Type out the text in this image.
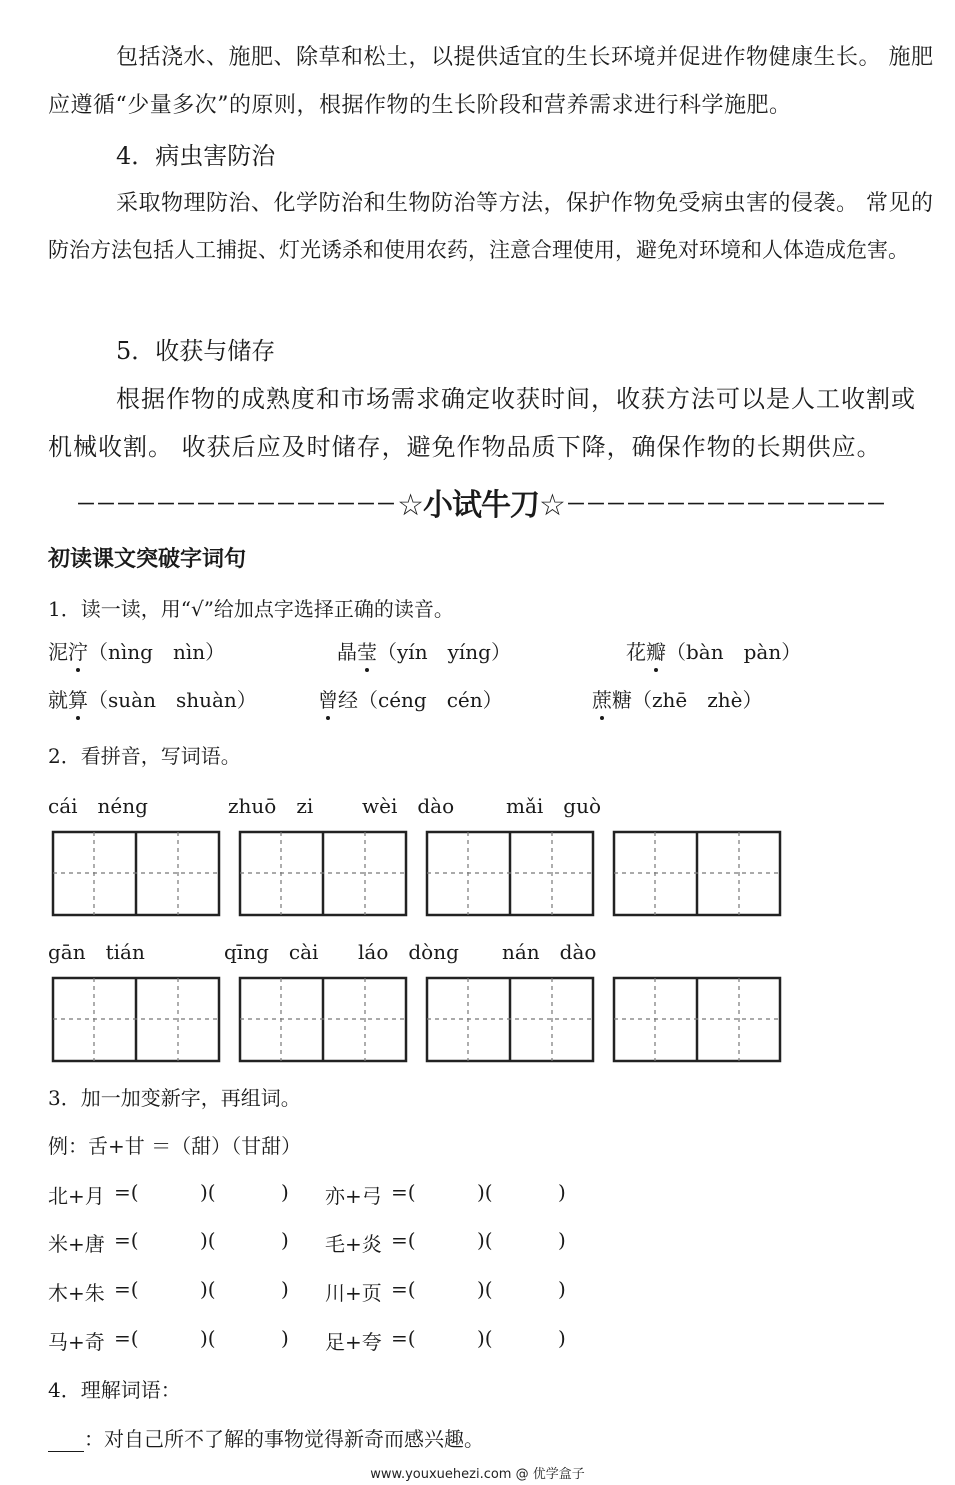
包括浇水、施肥、除草和松土，以提供适宜的生长环境并促进作物健康生长。 施肥
应遵循“少量多次”的原则，根据作物的生长阶段和营养需求进行科学施肥。
4．病虫害防治
采取物理防治、化学防治和生物防治等方法，保护作物免受病虫害的侵袭。 常见的
防治方法包括人工捕捉、灯光诱杀和使用农药，注意合理使用，避免对环境和人体造成危害。
5．收获与储存
根据作物的成熟度和市场需求确定收获时间，收获方法可以是人工收割或
机械收割。 收获后应及时储存，避免作物品质下降，确保作物的长期供应。
－－－－－－－－－－－－－－－－ ☆小试牛刀☆ －－－－－－－－－－－－－－－－
初读课文突破字词句
1．读一读，用“√”给加点字选择正确的读音。
泥泞（nìng　nìn）	晶莹（yín　yíng）	花瓣（bàn　pàn）
就算（suàn　shuàn）	曾经（céng　cén）	蔗糖（zhē　zhè）
2．看拼音，写词语。
cái　néng	zhuō　zi wèi　dào	mǎi　guò
gān　tián	qīng　cài láo　dòng nán　dào
3．加一加变新字，再组词。
例：舌+甘 ＝（甜）（甘甜）
北+月 =(	)(	) 亦+弓 =(	)(	)
米+唐 =(	)(	) 毛+炎 =(	)(	)
木+朱 =(	)(	) 川+页 =(	)(	)
马+奇 =(	)(	) 足+夸 =(	)(	)
4．理解词语：
：对自己所不了解的事物觉得新奇而感兴趣。
www.youxuehezi.com @ 优学盒子
